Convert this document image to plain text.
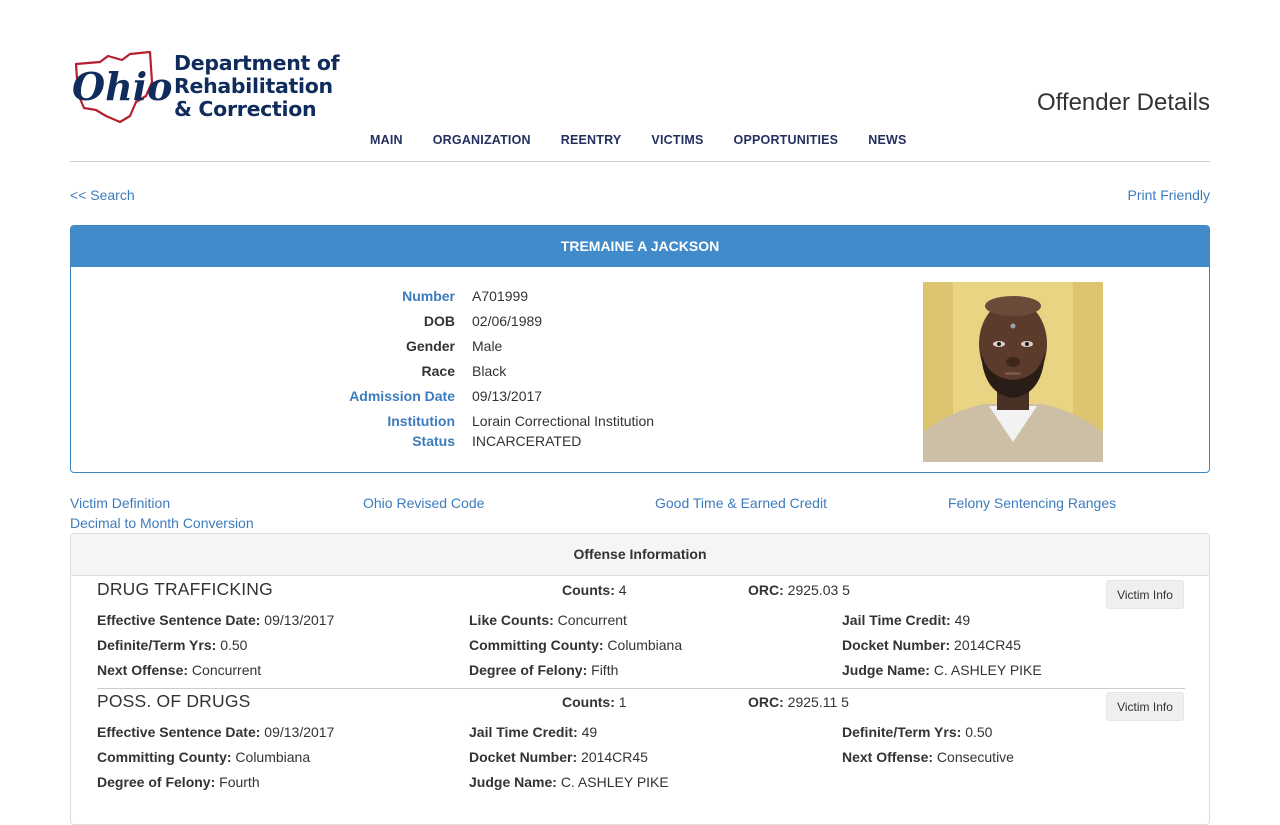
Ohio
Department of
Rehabilitation
& Correction	Offender Details
MAIN ORGANIZATION REENTRY VICTIMS OPPORTUNITIES NEWS
<< Search	Print Friendly
TREMAINE A JACKSON
Number A701999
DOB 02/06/1989
Gender Male
Race Black
Admission Date 09/13/2017
Institution Lorain Correctional Institution
Status INCARCERATED
Victim Definition	Ohio Revised Code	Good Time & Earned Credit	Felony Sentencing Ranges
Decimal to Month Conversion
Offense Information
DRUG TRAFFICKING	Counts: 4	ORC: 2925.03 5	Victim Info
Effective Sentence Date: 09/13/2017	Like Counts: Concurrent	Jail Time Credit: 49
Definite/Term Yrs: 0.50	Committing County: Columbiana	Docket Number: 2014CR45
Next Offense: Concurrent	Degree of Felony: Fifth	Judge Name: C. ASHLEY PIKE
POSS. OF DRUGS	Counts: 1	ORC: 2925.11 5	Victim Info
Effective Sentence Date: 09/13/2017	Jail Time Credit: 49	Definite/Term Yrs: 0.50
Committing County: Columbiana	Docket Number: 2014CR45	Next Offense: Consecutive
Degree of Felony: Fourth	Judge Name: C. ASHLEY PIKE
